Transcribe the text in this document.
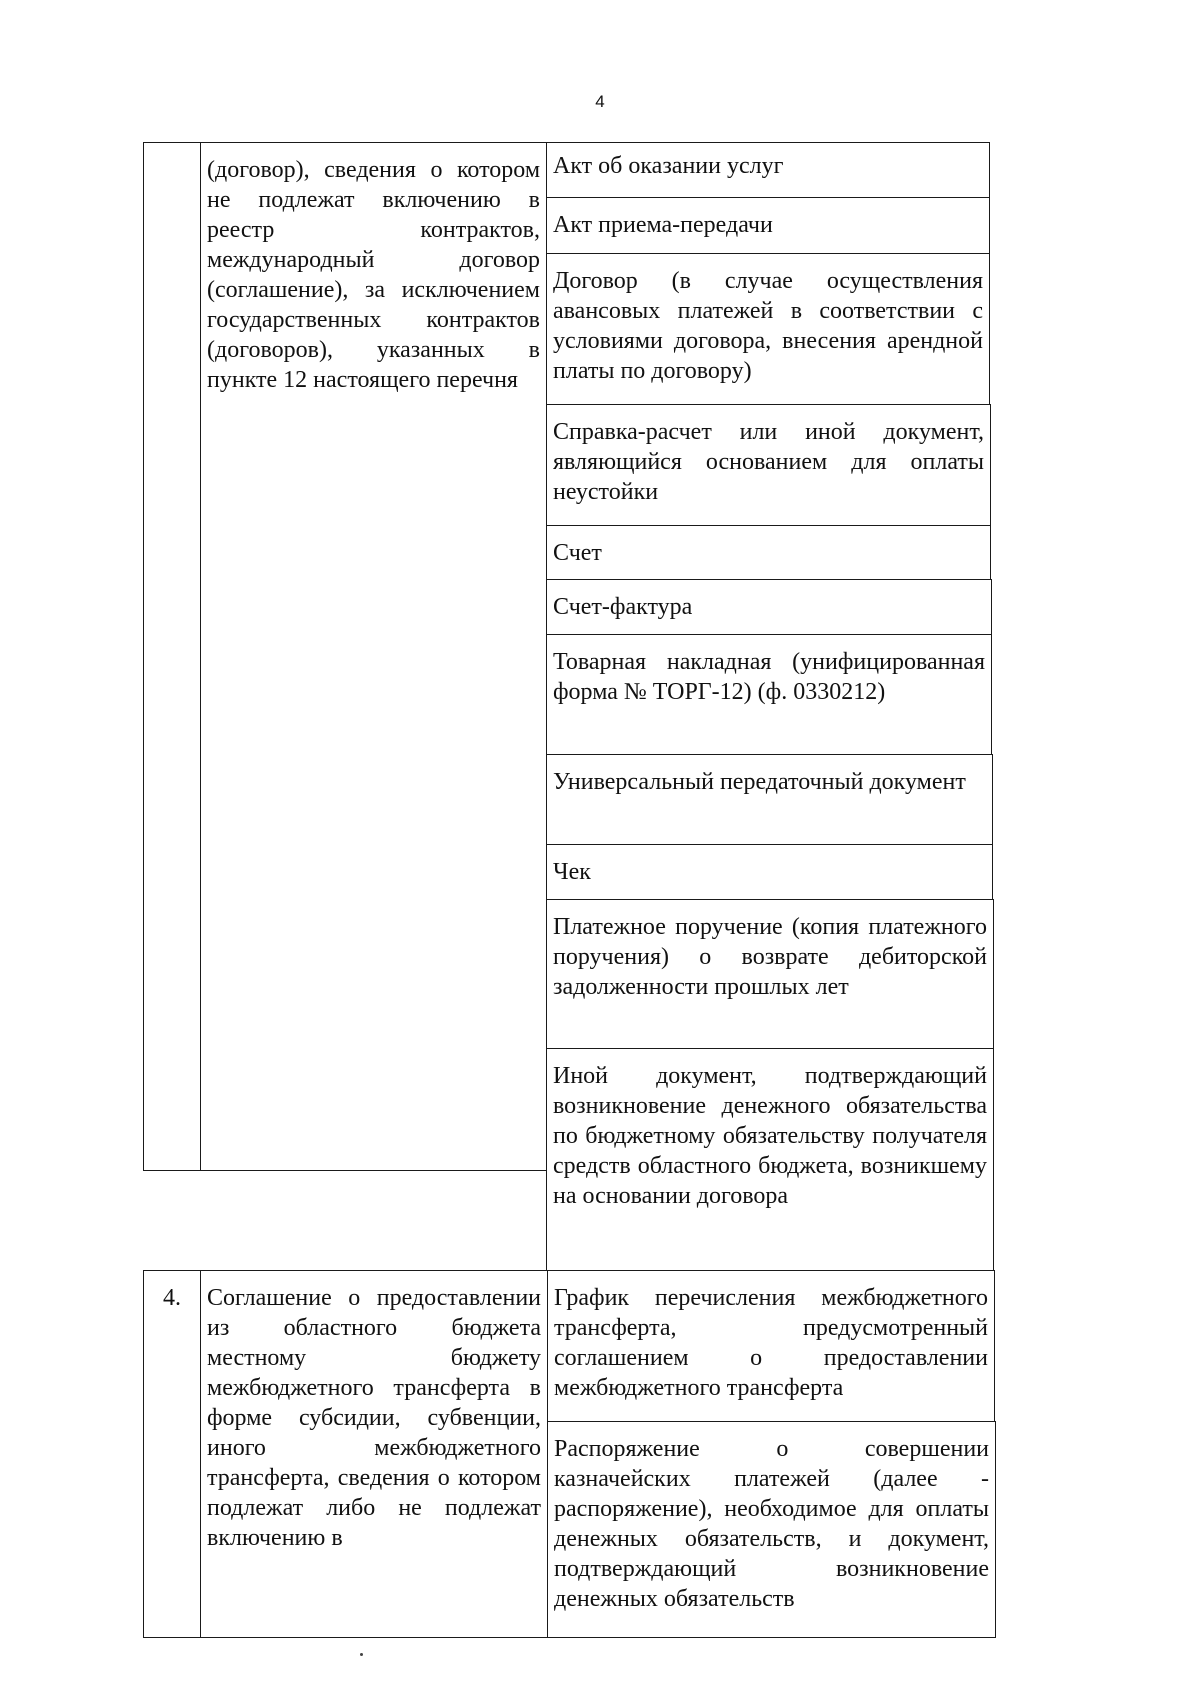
4
(договор), сведения о котором не подлежат включению в реестр контрактов, международный договор (соглашение), за исключением государственных контрактов (договоров), указанных в пункте 12 настоящего перечня
Акт об оказании услуг
Акт приема-передачи
Договор (в случае осуществления авансовых платежей в соответствии с условиями договора, внесения арендной платы по договору)
Справка-расчет или иной документ, являющийся основанием для оплаты неустойки
Счет
Счет-фактура
Товарная накладная (унифицированная форма № ТОРГ-12) (ф. 0330212)
Универсальный передаточный документ
Чек
Платежное поручение (копия платежного поручения) о возврате дебиторской задолженности прошлых лет
Иной документ, подтверждающий возникновение денежного обязательства по бюджетному обязательству получателя средств областного бюджета, возникшему на основании договора
4.	Соглашение о предоставлении из областного бюджета местному бюджету межбюджетного трансферта в форме субсидии, субвенции, иного межбюджетного трансферта, сведения о котором подлежат либо не подлежат включению в
График перечисления межбюджетного трансферта, предусмотренный соглашением о предоставлении межбюджетного трансферта
Распоряжение о совершении казначейских платежей (далее - распоряжение), необходимое для оплаты денежных обязательств, и документ, подтверждающий возникновение денежных обязательств
